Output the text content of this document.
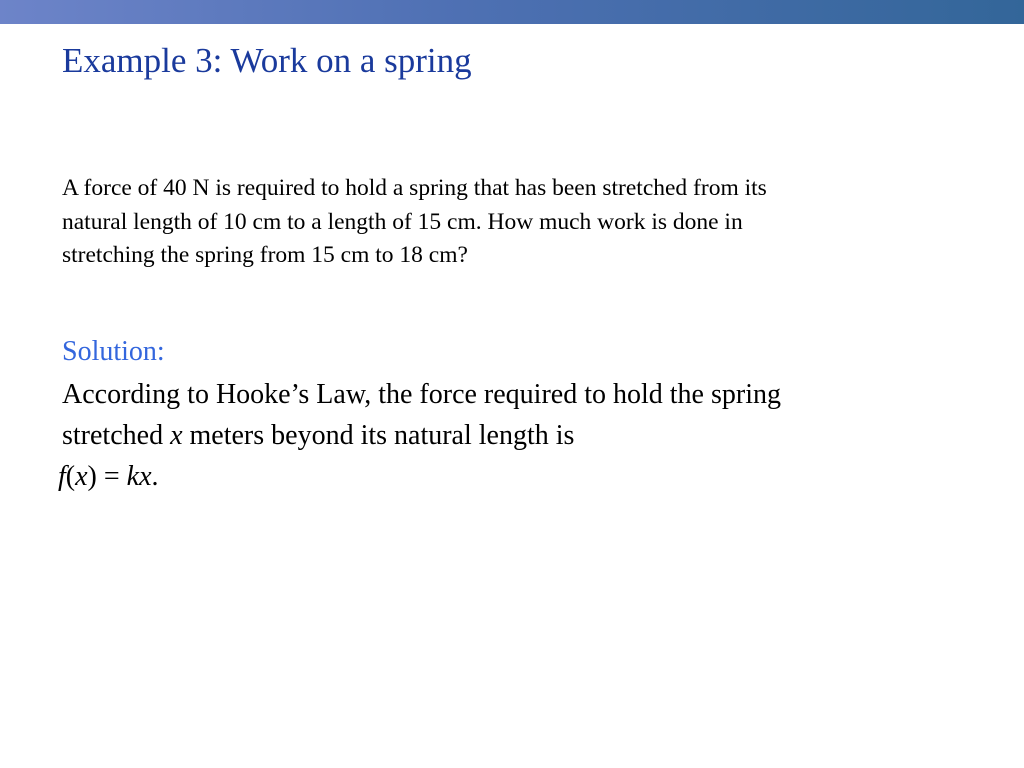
Example 3: Work on a spring
A force of 40 N is required to hold a spring that has been stretched from its
natural length of 10 cm to a length of 15 cm. How much work is done in
stretching the spring from 15 cm to 18 cm?
Solution:
According to Hooke’s Law, the force required to hold the spring
stretched x meters beyond its natural length is
f(x) = kx.
